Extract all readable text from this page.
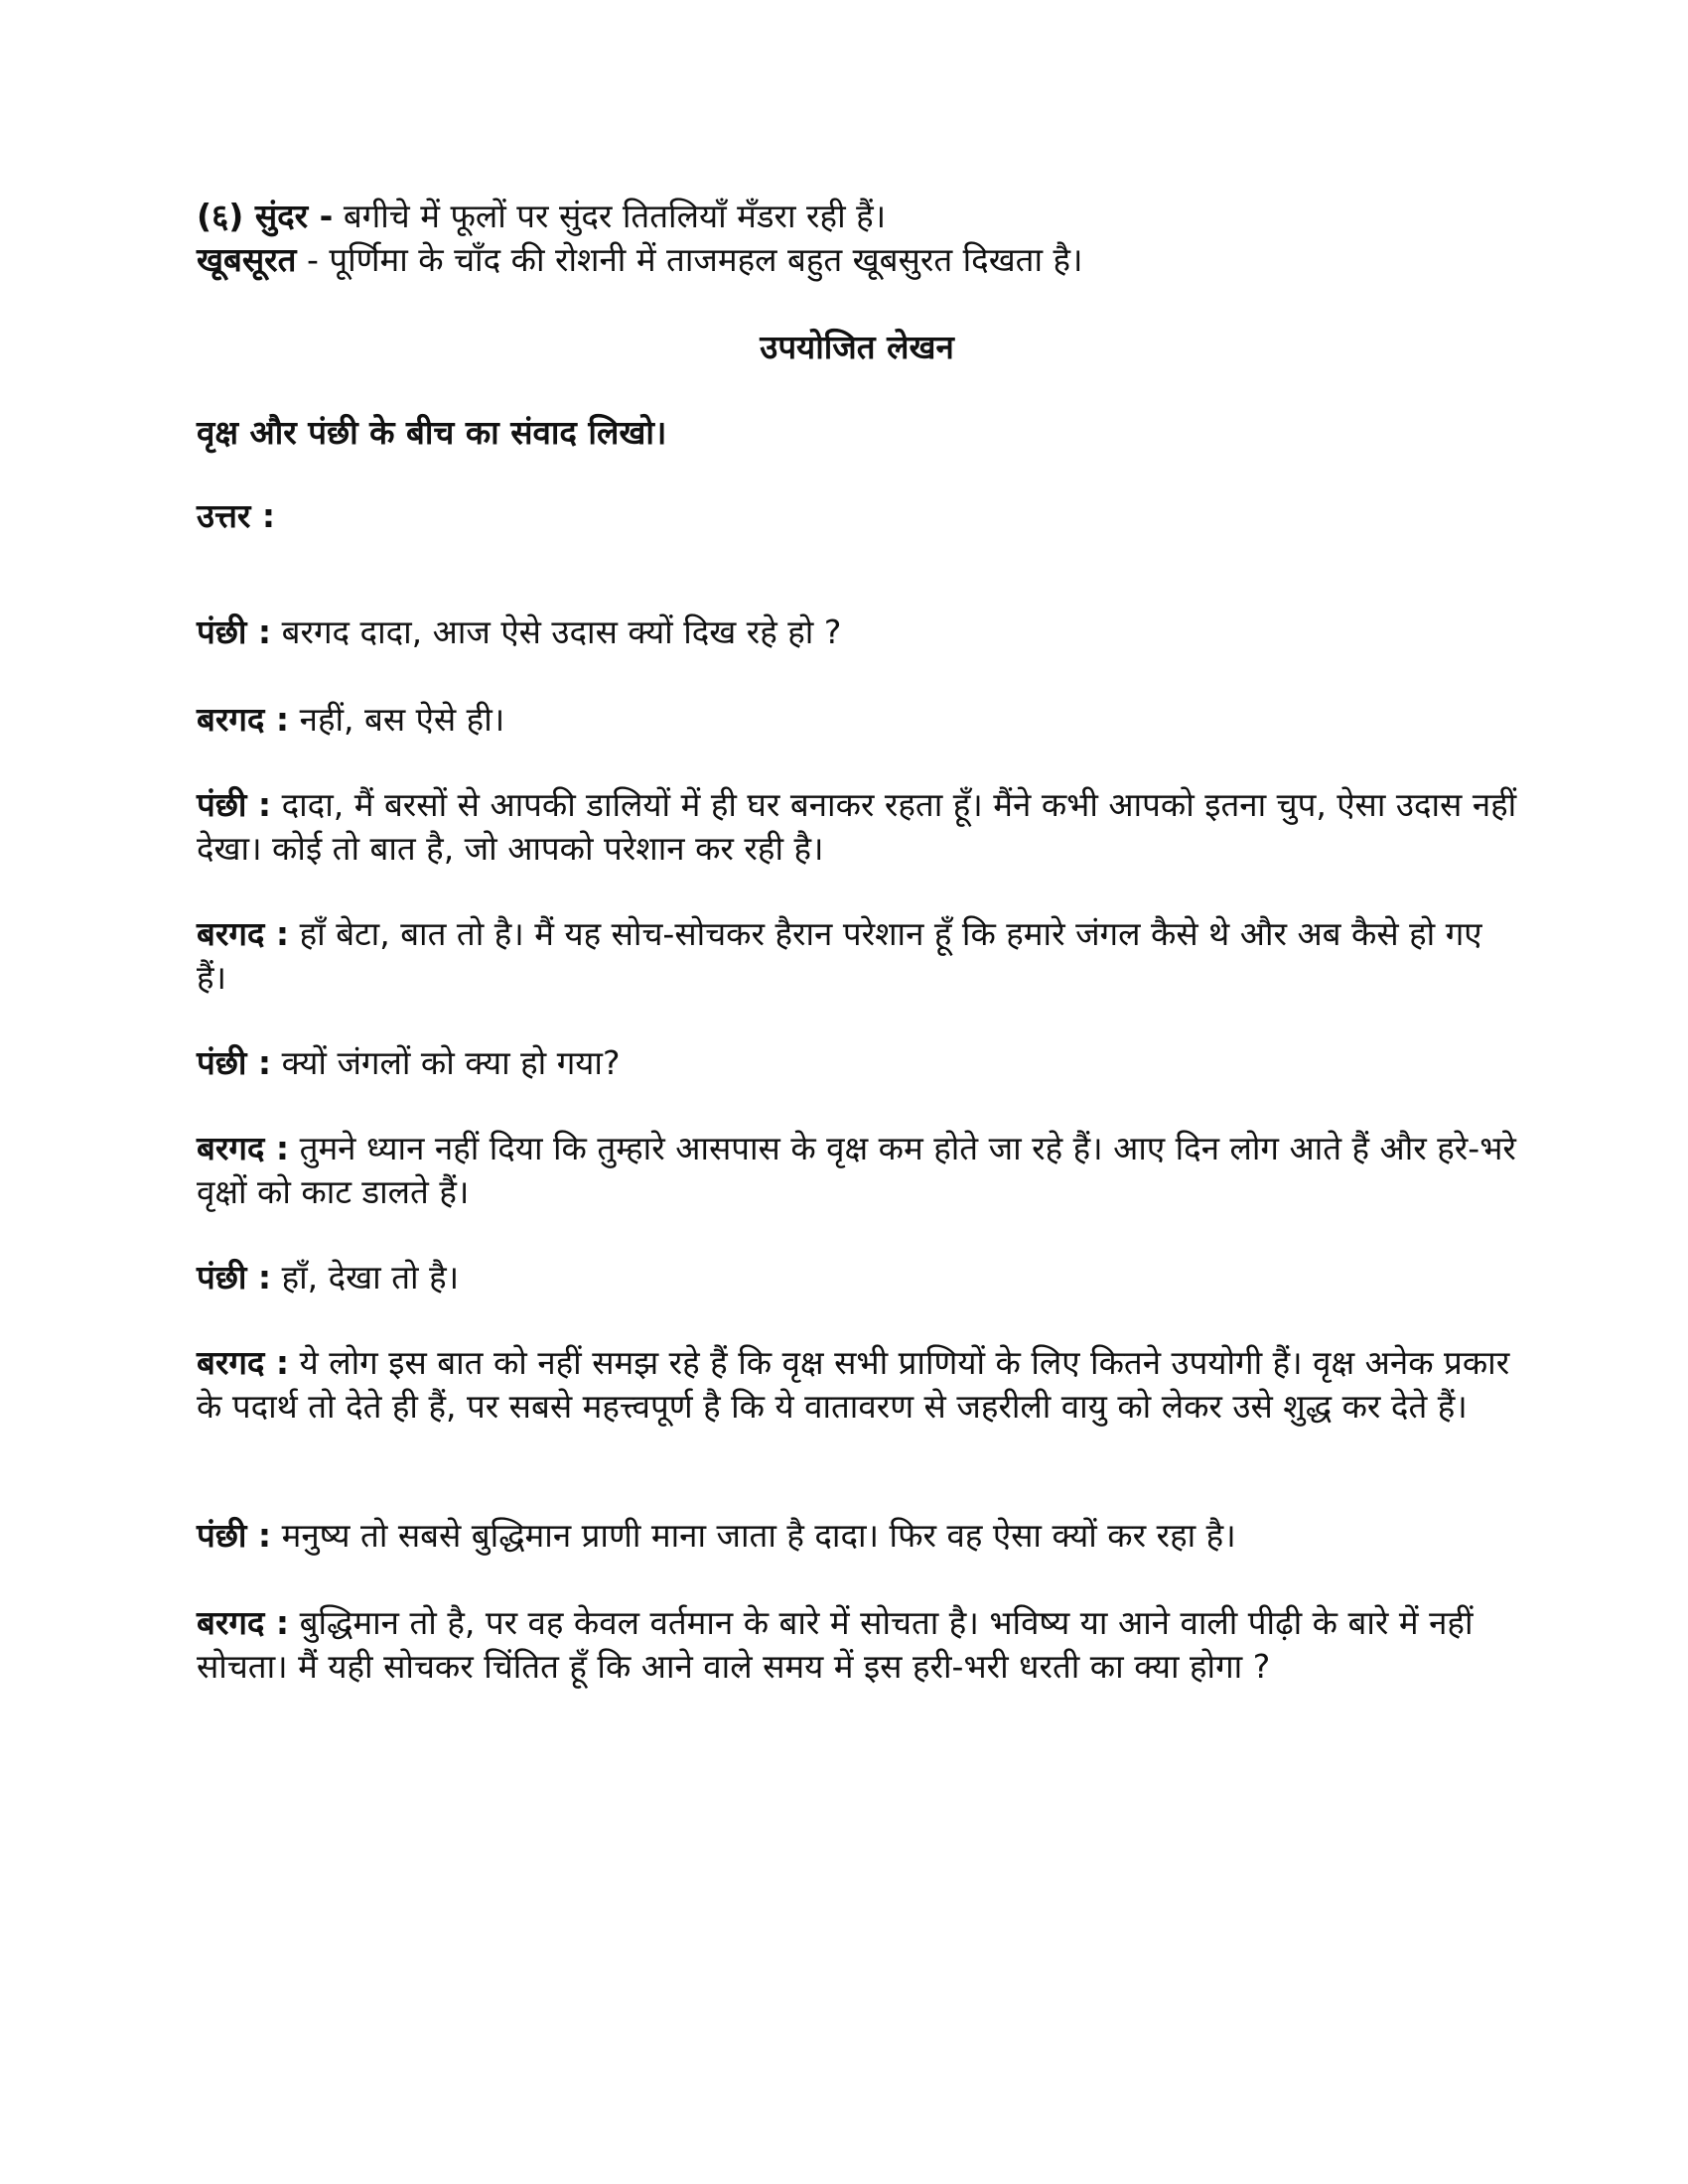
(६) सुंदर - बगीचे में फूलों पर सुंदर तितलियाँ मँडरा रही हैं।

खूबसूरत - पूर्णिमा के चाँद की रोशनी में ताजमहल बहुत खूबसुरत दिखता है।

उपयोजित लेखन
वृक्ष और पंछी के बीच का संवाद लिखो।
उत्तर :

पंछी : बरगद दादा, आज ऐसे उदास क्यों दिख रहे हो ?

बरगद : नहीं, बस ऐसे ही।

पंछी : दादा, मैं बरसों से आपकी डालियों में ही घर बनाकर रहता हूँ। मैंने कभी आपको इतना चुप, ऐसा उदास नहीं देखा। कोई तो बात है, जो आपको परेशान कर रही है।

बरगद : हाँ बेटा, बात तो है। मैं यह सोच-सोचकर हैरान परेशान हूँ कि हमारे जंगल कैसे थे और अब कैसे हो गए हैं।

पंछी : क्यों जंगलों को क्या हो गया?

बरगद : तुमने ध्यान नहीं दिया कि तुम्हारे आसपास के वृक्ष कम होते जा रहे हैं। आए दिन लोग आते हैं और हरे-भरे वृक्षों को काट डालते हैं।

पंछी : हाँ, देखा तो है।

बरगद : ये लोग इस बात को नहीं समझ रहे हैं कि वृक्ष सभी प्राणियों के लिए कितने उपयोगी हैं। वृक्ष अनेक प्रकार के पदार्थ तो देते ही हैं, पर सबसे महत्त्वपूर्ण है कि ये वातावरण से जहरीली वायु को लेकर उसे शुद्ध कर देते हैं।

पंछी : मनुष्य तो सबसे बुद्धिमान प्राणी माना जाता है दादा। फिर वह ऐसा क्यों कर रहा है।

बरगद : बुद्धिमान तो है, पर वह केवल वर्तमान के बारे में सोचता है। भविष्य या आने वाली पीढ़ी के बारे में नहीं सोचता। मैं यही सोचकर चिंतित हूँ कि आने वाले समय में इस हरी-भरी धरती का क्या होगा ?
